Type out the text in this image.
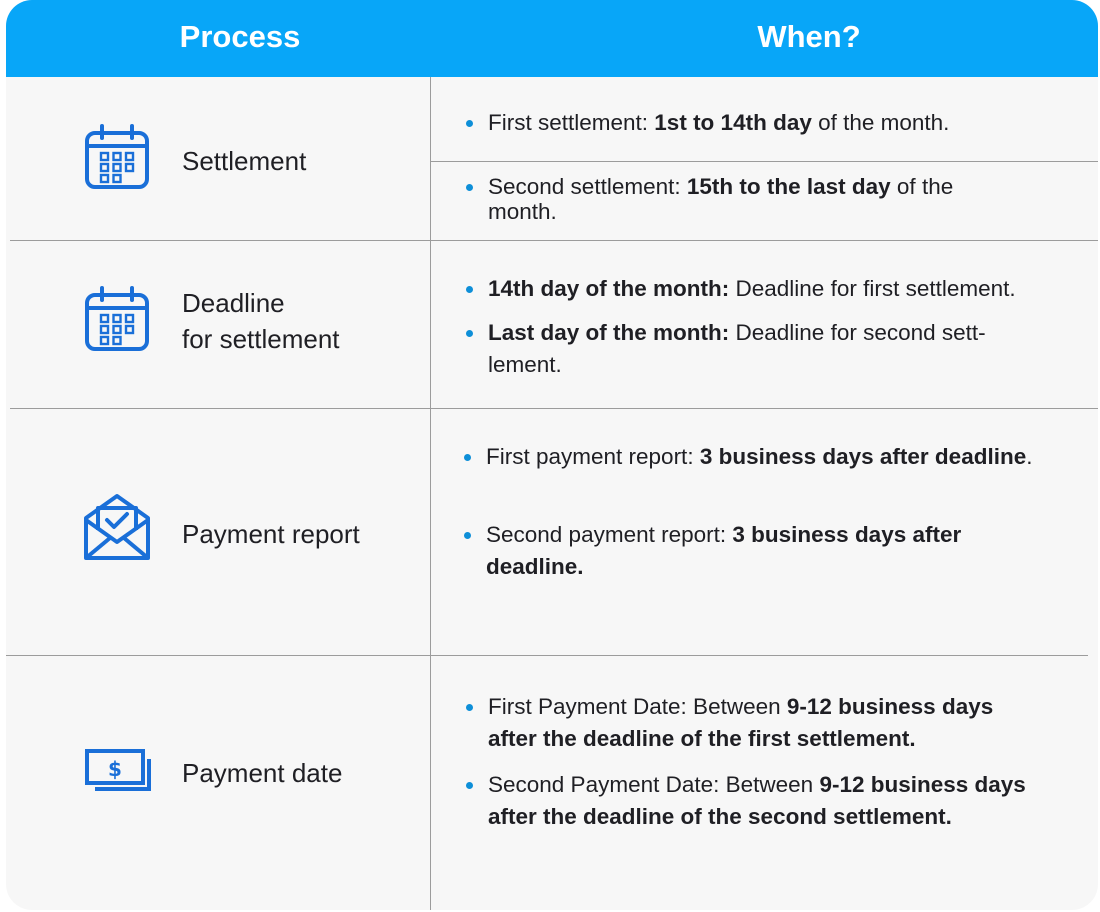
Process	When?
Settlement
First settlement: 1st to 14th day of the month.
Second settlement: 15th to the last day of the month.
Deadline
for settlement
14th day of the month: Deadline for first settlement.
Last day of the month: Deadline for second sett-lement.
Payment report
First payment report: 3 business days after deadline.
Second payment report: 3 business days after deadline.
$ Payment date
First Payment Date: Between 9-12 business days after the deadline of the first settlement.
Second Payment Date: Between 9-12 business days after the deadline of the second settlement.
